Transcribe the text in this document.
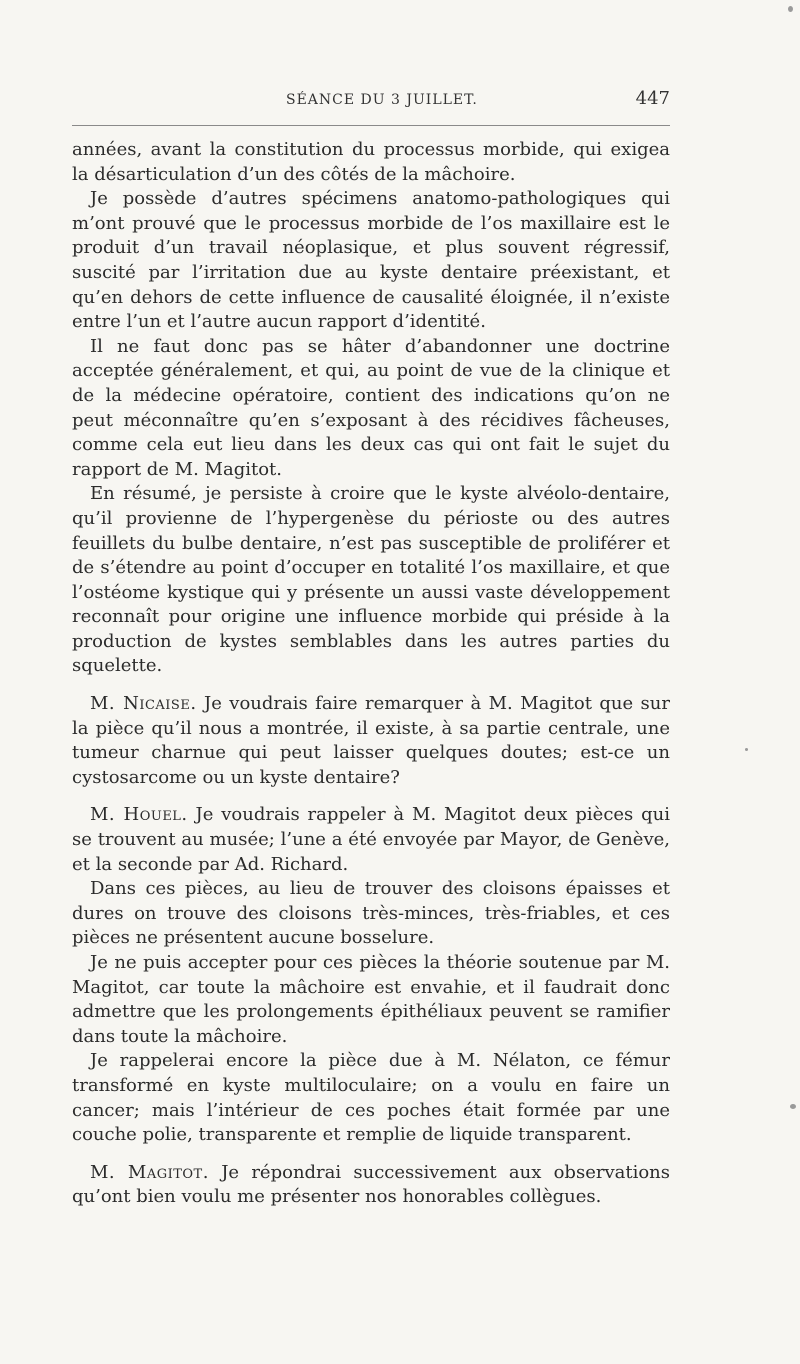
SÉANCE DU 3 JUILLET.	447

années, avant la constitution du processus morbide, qui exigea la désarticulation d’un des côtés de la mâchoire.

Je possède d’autres spécimens anatomo-pathologiques qui m’ont prouvé que le processus morbide de l’os maxillaire est le produit d’un travail néoplasique, et plus souvent régressif, suscité par l’irritation due au kyste dentaire préexistant, et qu’en dehors de cette influence de causalité éloignée, il n’existe entre l’un et l’autre aucun rapport d’identité.

Il ne faut donc pas se hâter d’abandonner une doctrine acceptée généralement, et qui, au point de vue de la clinique et de la médecine opératoire, contient des indications qu’on ne peut méconnaître qu’en s’exposant à des récidives fâcheuses, comme cela eut lieu dans les deux cas qui ont fait le sujet du rapport de M. Magitot.

En résumé, je persiste à croire que le kyste alvéolo-dentaire, qu’il provienne de l’hypergenèse du périoste ou des autres feuillets du bulbe dentaire, n’est pas susceptible de proliférer et de s’étendre au point d’occuper en totalité l’os maxillaire, et que l’ostéome kystique qui y présente un aussi vaste développement reconnaît pour origine une influence morbide qui préside à la production de kystes semblables dans les autres parties du squelette.

M. Nicaise. Je voudrais faire remarquer à M. Magitot que sur la pièce qu’il nous a montrée, il existe, à sa partie centrale, une tumeur charnue qui peut laisser quelques doutes; est-ce un cystosarcome ou un kyste dentaire?

M. Houel. Je voudrais rappeler à M. Magitot deux pièces qui se trouvent au musée; l’une a été envoyée par Mayor, de Genève, et la seconde par Ad. Richard.

Dans ces pièces, au lieu de trouver des cloisons épaisses et dures on trouve des cloisons très-minces, très-friables, et ces pièces ne présentent aucune bosselure.

Je ne puis accepter pour ces pièces la théorie soutenue par M. Magitot, car toute la mâchoire est envahie, et il faudrait donc admettre que les prolongements épithéliaux peuvent se ramifier dans toute la mâchoire.

Je rappelerai encore la pièce due à M. Nélaton, ce fémur transformé en kyste multiloculaire; on a voulu en faire un cancer; mais l’intérieur de ces poches était formée par une couche polie, transparente et remplie de liquide transparent.

M. Magitot. Je répondrai successivement aux observations qu’ont bien voulu me présenter nos honorables collègues.
